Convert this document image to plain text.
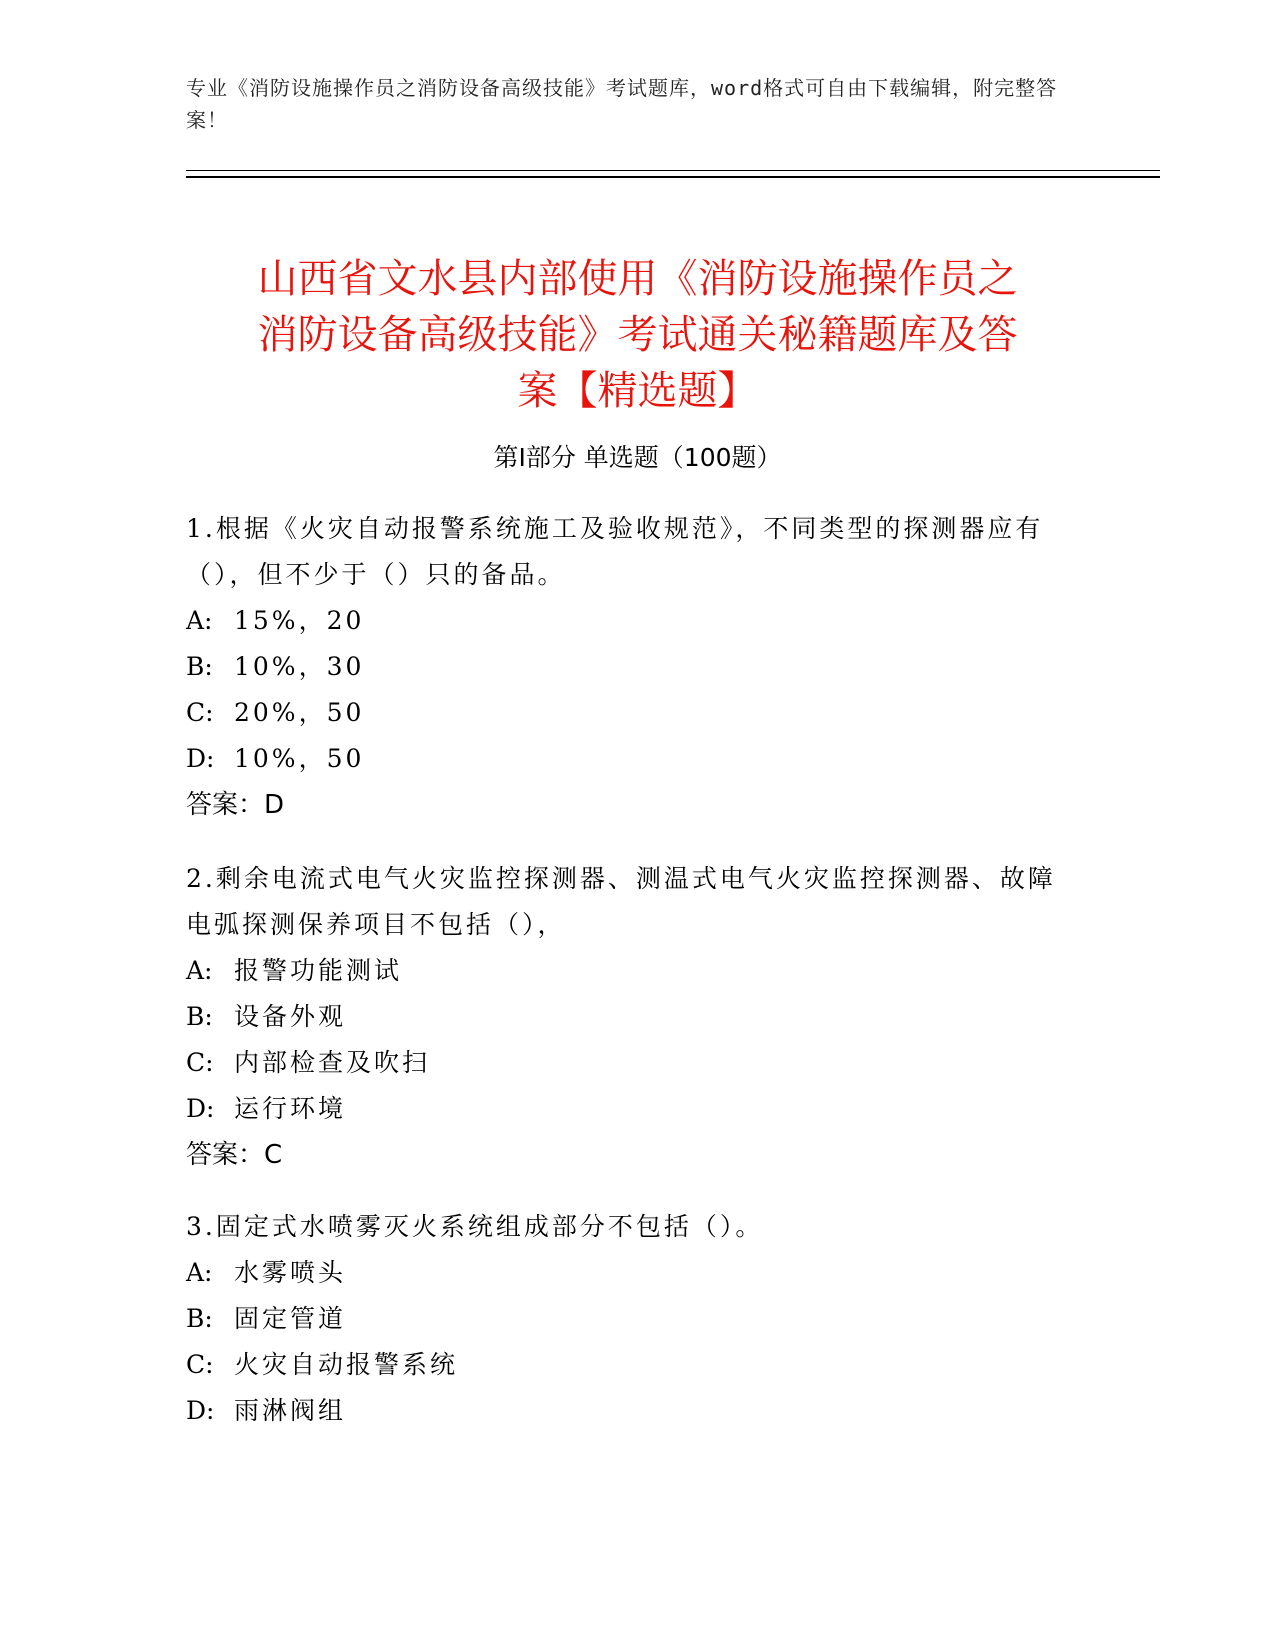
专业《消防设施操作员之消防设备高级技能》考试题库，word格式可自由下载编辑，附完整答案！
山西省文水县内部使用《消防设施操作员之
消防设备高级技能》考试通关秘籍题库及答
案【精选题】
第Ⅰ部分 单选题（100题）

1.根据《火灾自动报警系统施工及验收规范》，不同类型的探测器应有（），但不少于（）只的备品。

A: 15%，20

B: 10%，30

C: 20%，50

D: 10%，50

答案：D

2.剩余电流式电气火灾监控探测器、测温式电气火灾监控探测器、故障电弧探测保养项目不包括（），

A: 报警功能测试

B: 设备外观

C: 内部检查及吹扫

D: 运行环境

答案：C

3.固定式水喷雾灭火系统组成部分不包括（）。

A: 水雾喷头

B: 固定管道

C: 火灾自动报警系统

D: 雨淋阀组
